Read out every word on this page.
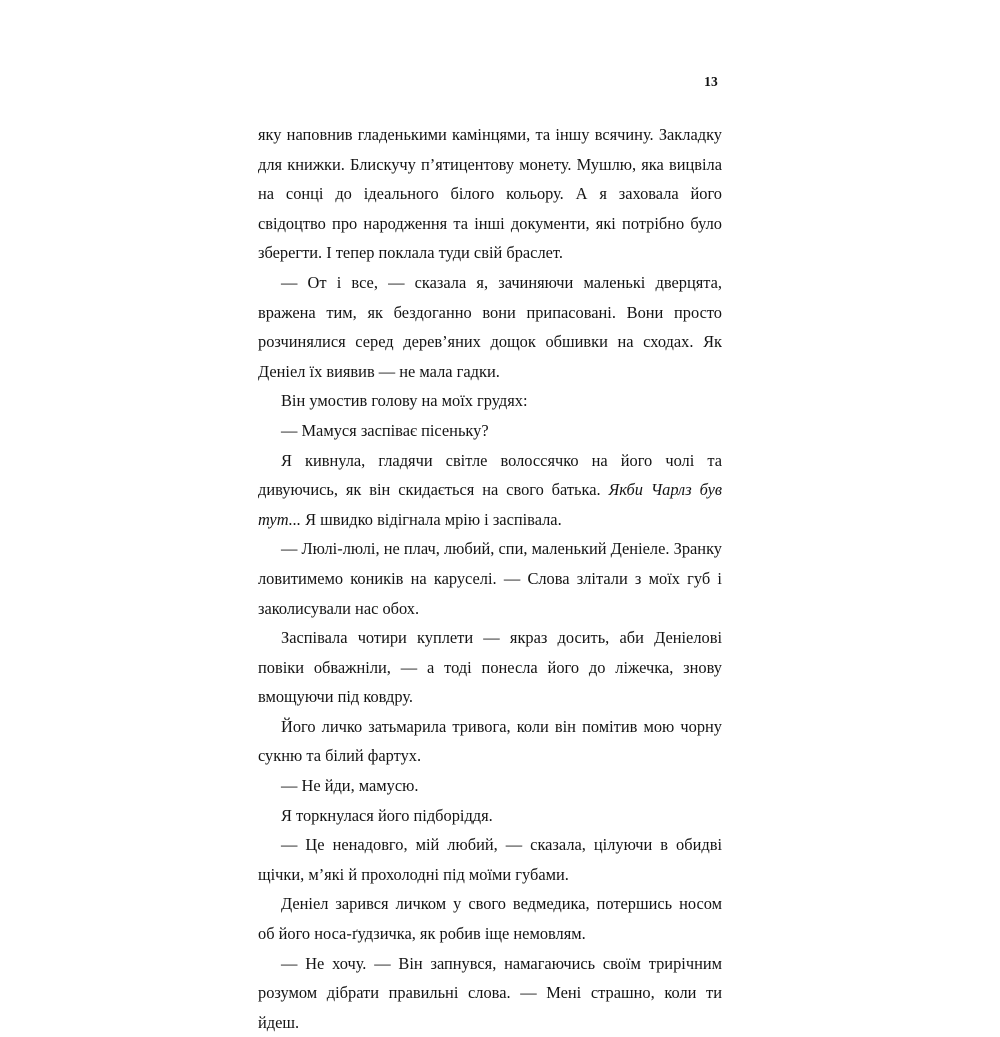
13

яку наповнив гладенькими камінцями, та іншу всячину. Закладку для книжки. Блискучу п’ятицентову монету. Мушлю, яка вицвіла на сонці до ідеального білого кольору. А я заховала його свідоцтво про народження та інші документи, які потрібно було зберегти. І тепер поклала туди свій браслет.

— От і все, — сказала я, зачиняючи маленькі дверцята, вражена тим, як бездоганно вони припасовані. Вони просто розчинялися серед дерев’яних дощок обшивки на сходах. Як Деніел їх виявив — не мала гадки.

Він умостив голову на моїх грудях:

— Мамуся заспіває пісеньку?

Я кивнула, гладячи світле волоссячко на його чолі та дивуючись, як він скидається на свого батька. Якби Чарлз був тут... Я швидко відігнала мрію і заспівала.

— Люлі-люлі, не плач, любий, спи, маленький Деніеле. Зранку ловитимемо коників на каруселі. — Слова злітали з моїх губ і заколисували нас обох.

Заспівала чотири куплети — якраз досить, аби Деніелові повіки обважніли, — а тоді понесла його до ліжечка, знову вмощуючи під ковдру.

Його личко затьмарила тривога, коли він помітив мою чорну сукню та білий фартух.

— Не йди, мамусю.

Я торкнулася його підборіддя.

— Це ненадовго, мій любий, — сказала, цілуючи в обидві щічки, м’які й прохолодні під моїми губами.

Деніел зарився личком у свого ведмедика, потершись носом об його носа-ґудзичка, як робив іще немовлям.

— Не хочу. — Він запнувся, намагаючись своїм трирічним розумом дібрати правильні слова. — Мені страшно, коли ти йдеш.
